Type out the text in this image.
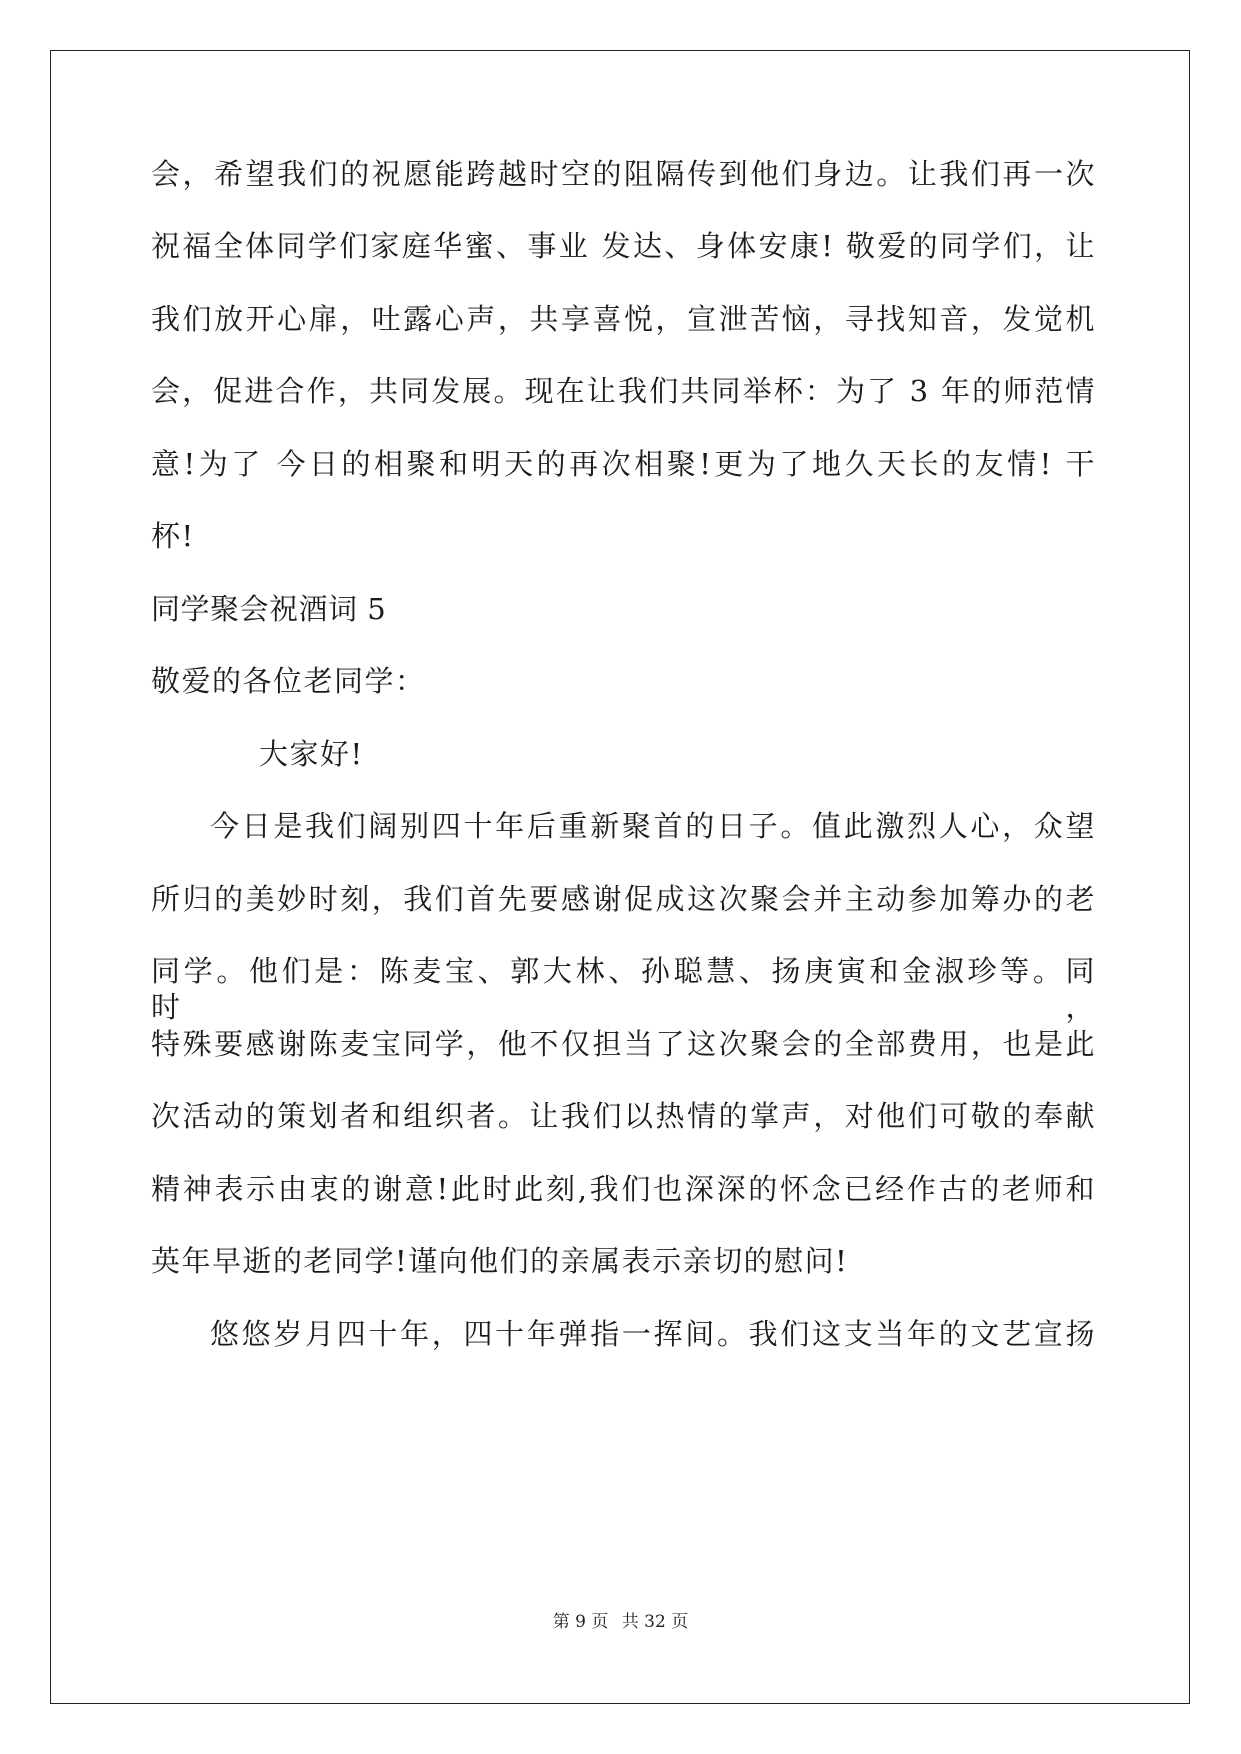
会，希望我们的祝愿能跨越时空的阻隔传到他们身边。让我们再一次
祝福全体同学们家庭华蜜、事业 发达、身体安康! 敬爱的同学们，让
我们放开心扉，吐露心声，共享喜悦，宣泄苦恼，寻找知音，发觉机
会，促进合作，共同发展。现在让我们共同举杯：为了 3 年的师范情
意!为了 今日的相聚和明天的再次相聚!更为了地久天长的友情! 干
杯!
同学聚会祝酒词 5
敬爱的各位老同学：
大家好!
今日是我们阔别四十年后重新聚首的日子。值此激烈人心，众望
所归的美妙时刻，我们首先要感谢促成这次聚会并主动参加筹办的老
同学。他们是：陈麦宝、郭大林、孙聪慧、扬庚寅和金淑珍等。同时，
特殊要感谢陈麦宝同学，他不仅担当了这次聚会的全部费用，也是此
次活动的策划者和组织者。让我们以热情的掌声，对他们可敬的奉献
精神表示由衷的谢意!此时此刻,我们也深深的怀念已经作古的老师和
英年早逝的老同学!谨向他们的亲属表示亲切的慰问!
悠悠岁月四十年，四十年弹指一挥间。我们这支当年的文艺宣扬
第 9 页 共 32 页
